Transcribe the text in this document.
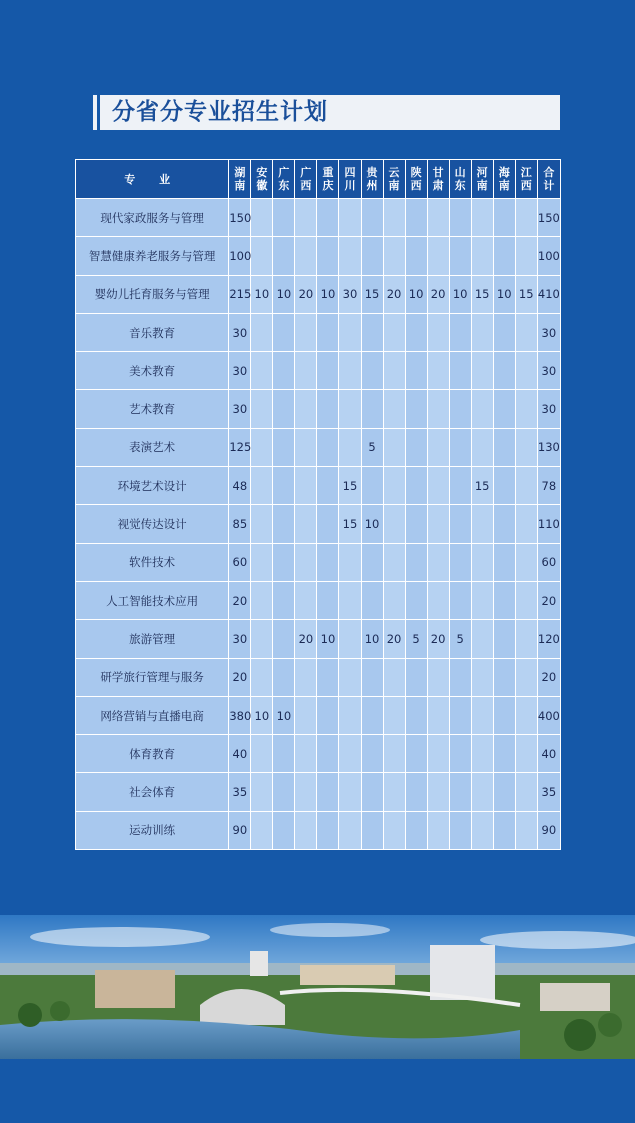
分省分专业招生计划
专 业	湖南	安徽	广东	广西	重庆	四川	贵州	云南	陕西	甘肃	山东	河南	海南	江西	合计
现代家政服务与管理	150														150
智慧健康养老服务与管理	100														100
婴幼儿托育服务与管理	215	10	10	20	10	30	15	20	10	20	10	15	10	15	410
音乐教育	30														30
美术教育	30														30
艺术教育	30														30
表演艺术	125						5								130
环境艺术设计	48					15						15			78
视觉传达设计	85					15	10								110
软件技术	60														60
人工智能技术应用	20														20
旅游管理	30			20	10		10	20	5	20	5				120
研学旅行管理与服务	20														20
网络营销与直播电商	380	10	10												400
体育教育	40														40
社会体育	35														35
运动训练	90														90
